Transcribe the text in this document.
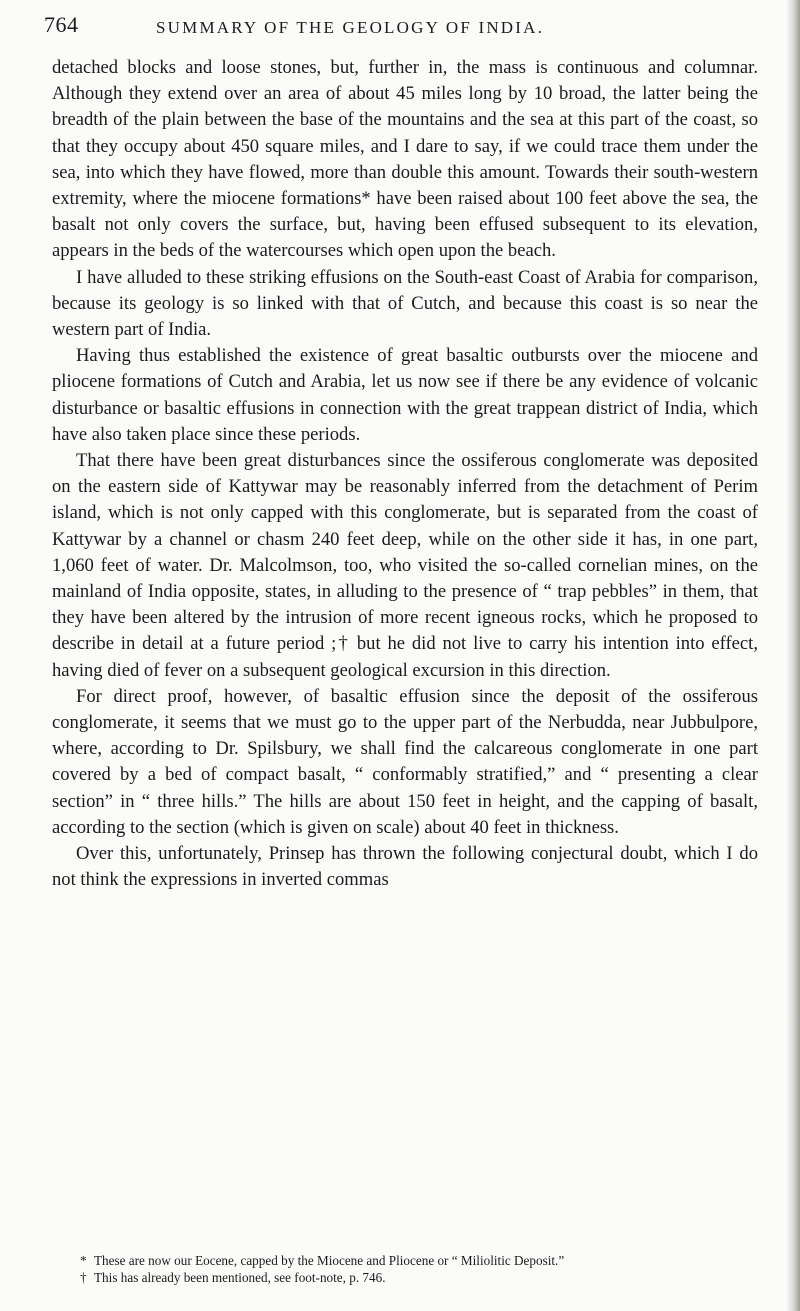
764	SUMMARY OF THE GEOLOGY OF INDIA.

detached blocks and loose stones, but, further in, the mass is continuous and columnar. Although they extend over an area of about 45 miles long by 10 broad, the latter being the breadth of the plain between the base of the mountains and the sea at this part of the coast, so that they occupy about 450 square miles, and I dare to say, if we could trace them under the sea, into which they have flowed, more than double this amount. Towards their south-western extremity, where the miocene formations* have been raised about 100 feet above the sea, the basalt not only covers the surface, but, having been effused subsequent to its elevation, appears in the beds of the watercourses which open upon the beach.

I have alluded to these striking effusions on the South-east Coast of Arabia for comparison, because its geology is so linked with that of Cutch, and because this coast is so near the western part of India.

Having thus established the existence of great basaltic outbursts over the miocene and pliocene formations of Cutch and Arabia, let us now see if there be any evidence of volcanic disturbance or basaltic effusions in connection with the great trappean district of India, which have also taken place since these periods.

That there have been great disturbances since the ossiferous conglomerate was deposited on the eastern side of Kattywar may be reasonably inferred from the detachment of Perim island, which is not only capped with this conglomerate, but is separated from the coast of Kattywar by a channel or chasm 240 feet deep, while on the other side it has, in one part, 1,060 feet of water. Dr. Malcolmson, too, who visited the so-called cornelian mines, on the mainland of India opposite, states, in alluding to the presence of “ trap pebbles” in them, that they have been altered by the intrusion of more recent igneous rocks, which he proposed to describe in detail at a future period ;† but he did not live to carry his intention into effect, having died of fever on a subsequent geological excursion in this direction.

For direct proof, however, of basaltic effusion since the deposit of the ossiferous conglomerate, it seems that we must go to the upper part of the Nerbudda, near Jubbulpore, where, according to Dr. Spilsbury, we shall find the calcareous conglomerate in one part covered by a bed of compact basalt, “ conformably stratified,” and “ presenting a clear section” in “ three hills.” The hills are about 150 feet in height, and the capping of basalt, according to the section (which is given on scale) about 40 feet in thickness.

Over this, unfortunately, Prinsep has thrown the following conjectural doubt, which I do not think the expressions in inverted commas

* These are now our Eocene, capped by the Miocene and Pliocene or “ Miliolitic Deposit.”

† This has already been mentioned, see foot-note, p. 746.
